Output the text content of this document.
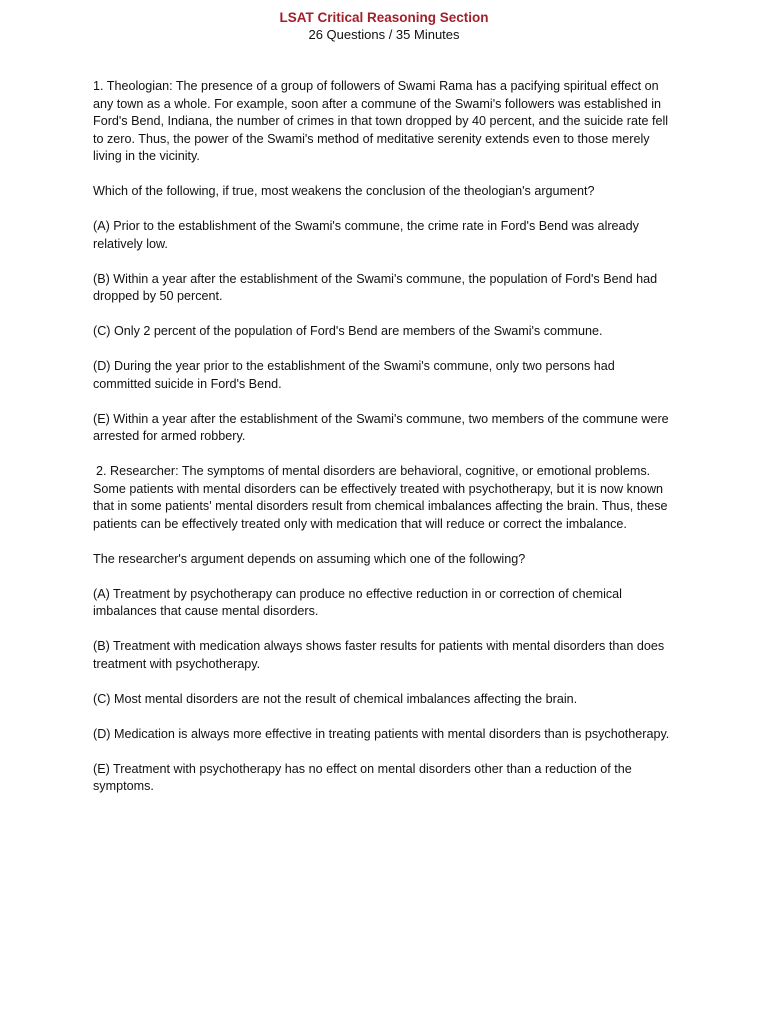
LSAT Critical Reasoning Section

26 Questions / 35 Minutes

1. Theologian: The presence of a group of followers of Swami Rama has a pacifying spiritual effect on any town as a whole. For example, soon after a commune of the Swami's followers was established in Ford's Bend, Indiana, the number of crimes in that town dropped by 40 percent, and the suicide rate fell to zero. Thus, the power of the Swami's method of meditative serenity extends even to those merely living in the vicinity.

Which of the following, if true, most weakens the conclusion of the theologian's argument?

(A) Prior to the establishment of the Swami's commune, the crime rate in Ford's Bend was already relatively low.

(B) Within a year after the establishment of the Swami's commune, the population of Ford's Bend had dropped by 50 percent.

(C) Only 2 percent of the population of Ford's Bend are members of the Swami's commune.

(D) During the year prior to the establishment of the Swami's commune, only two persons had committed suicide in Ford's Bend.

(E) Within a year after the establishment of the Swami's commune, two members of the commune were arrested for armed robbery.

2. Researcher: The symptoms of mental disorders are behavioral, cognitive, or emotional problems. Some patients with mental disorders can be effectively treated with psychotherapy, but it is now known that in some patients' mental disorders result from chemical imbalances affecting the brain. Thus, these patients can be effectively treated only with medication that will reduce or correct the imbalance.

The researcher's argument depends on assuming which one of the following?

(A) Treatment by psychotherapy can produce no effective reduction in or correction of chemical imbalances that cause mental disorders.

(B) Treatment with medication always shows faster results for patients with mental disorders than does treatment with psychotherapy.

(C) Most mental disorders are not the result of chemical imbalances affecting the brain.

(D) Medication is always more effective in treating patients with mental disorders than is psychotherapy.

(E) Treatment with psychotherapy has no effect on mental disorders other than a reduction of the symptoms.
